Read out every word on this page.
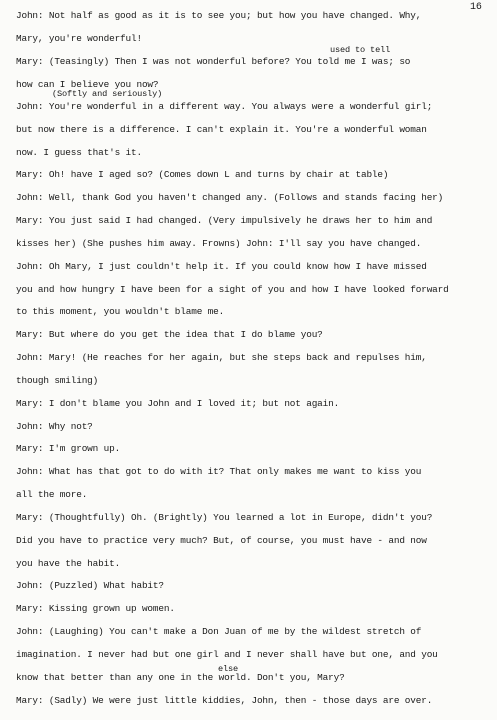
16
used to tell
(Softly and seriously)
else
John: Not half as good as it is to see you; but how you have changed. Why,
Mary, you're wonderful!
Mary: (Teasingly) Then I was not wonderful before? You told me I was; so
how can I believe you now?
John: You're wonderful in a different way. You always were a wonderful girl;
but now there is a difference. I can't explain it. You're a wonderful woman
now. I guess that's it.
Mary: Oh! have I aged so? (Comes down L and turns by chair at table)
John: Well, thank God you haven't changed any. (Follows and stands facing her)
Mary: You just said I had changed. (Very impulsively he draws her to him and
kisses her) (She pushes him away. Frowns) John: I'll say you have changed.
John: Oh Mary, I just couldn't help it. If you could know how I have missed
you and how hungry I have been for a sight of you and how I have looked forward
to this moment, you wouldn't blame me.
Mary: But where do you get the idea that I do blame you?
John: Mary! (He reaches for her again, but she steps back and repulses him,
though smiling)
Mary: I don't blame you John and I loved it; but not again.
John: Why not?
Mary: I'm grown up.
John: What has that got to do with it? That only makes me want to kiss you
all the more.
Mary: (Thoughtfully) Oh. (Brightly) You learned a lot in Europe, didn't you?
Did you have to practice very much? But, of course, you must have - and now
you have the habit.
John: (Puzzled) What habit?
Mary: Kissing grown up women.
John: (Laughing) You can't make a Don Juan of me by the wildest stretch of
imagination. I never had but one girl and I never shall have but one, and you
know that better than any one in the world. Don't you, Mary?
Mary: (Sadly) We were just little kiddies, John, then - those days are over.
